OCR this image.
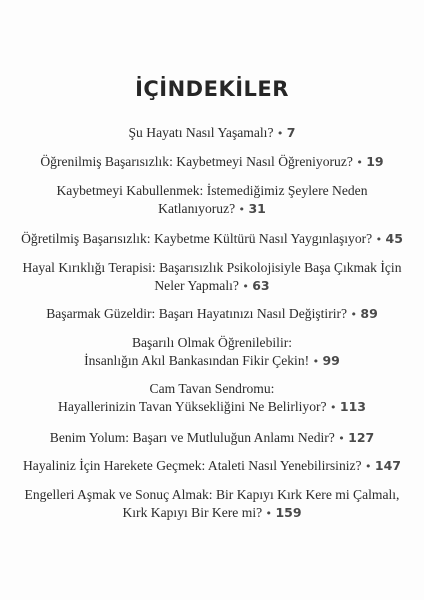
İÇİNDEKİLER
Şu Hayatı Nasıl Yaşamalı? • 7
Öğrenilmiş Başarısızlık: Kaybetmeyi Nasıl Öğreniyoruz? • 19
Kaybetmeyi Kabullenmek: İstemediğimiz Şeylere Neden
Katlanıyoruz? • 31
Öğretilmiş Başarısızlık: Kaybetme Kültürü Nasıl Yaygınlaşıyor? • 45
Hayal Kırıklığı Terapisi: Başarısızlık Psikolojisiyle Başa Çıkmak İçin
Neler Yapmalı? • 63
Başarmak Güzeldir: Başarı Hayatınızı Nasıl Değiştirir? • 89
Başarılı Olmak Öğrenilebilir:
İnsanlığın Akıl Bankasından Fikir Çekin! • 99
Cam Tavan Sendromu:
Hayallerinizin Tavan Yüksekliğini Ne Belirliyor? • 113
Benim Yolum: Başarı ve Mutluluğun Anlamı Nedir? • 127
Hayaliniz İçin Harekete Geçmek: Ataleti Nasıl Yenebilirsiniz? • 147
Engelleri Aşmak ve Sonuç Almak: Bir Kapıyı Kırk Kere mi Çalmalı,
Kırk Kapıyı Bir Kere mi? • 159
